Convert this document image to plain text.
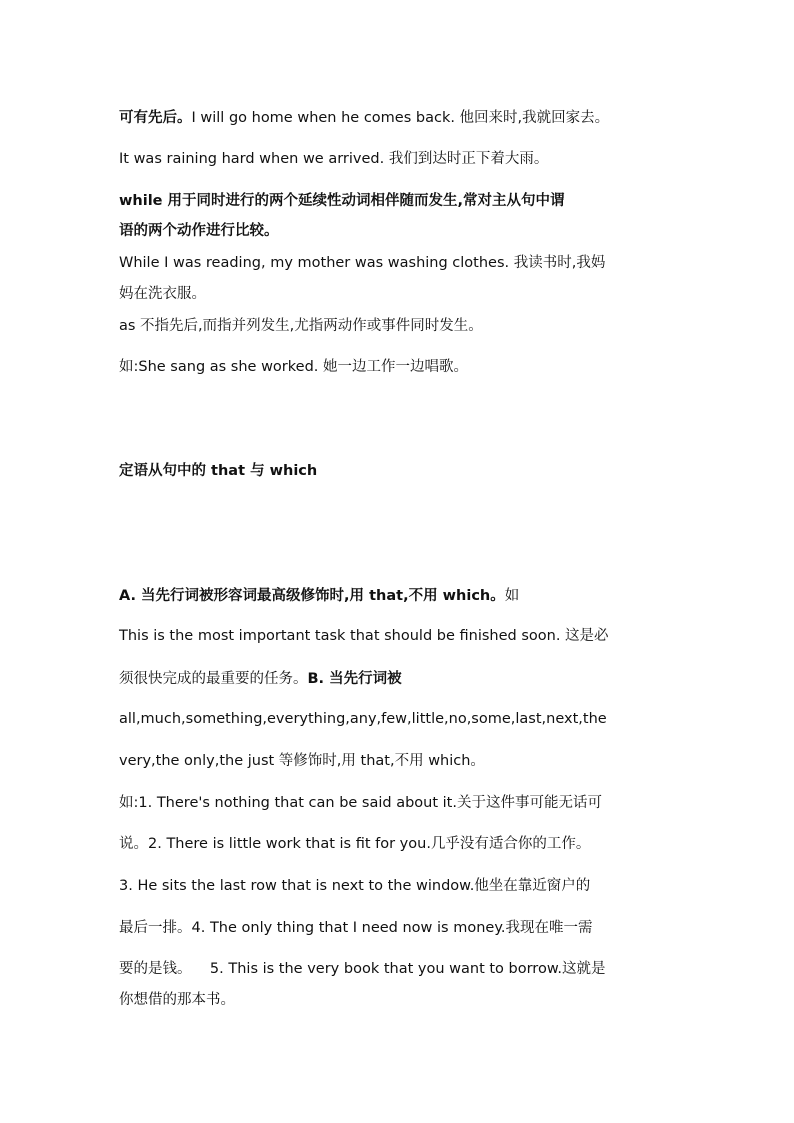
可有先后。I will go home when he comes back. 他回来时,我就回家去。
It was raining hard when we arrived. 我们到达时正下着大雨。
while 用于同时进行的两个延续性动词相伴随而发生,常对主从句中谓
语的两个动作进行比较。
While I was reading, my mother was washing clothes. 我读书时,我妈
妈在洗衣服。
as 不指先后,而指并列发生,尤指两动作或事件同时发生。
如:She sang as she worked. 她一边工作一边唱歌。
定语从句中的 that 与 which
A. 当先行词被形容词最高级修饰时,用 that,不用 which。如
This is the most important task that should be finished soon. 这是必
须很快完成的最重要的任务。B. 当先行词被
all,much,something,everything,any,few,little,no,some,last,next,the
very,the only,the just 等修饰时,用 that,不用 which。
如:1. There's nothing that can be said about it.关于这件事可能无话可
说。2. There is little work that is fit for you.几乎没有适合你的工作。
3. He sits the last row that is next to the window.他坐在靠近窗户的
最后一排。4. The only thing that I need now is money.我现在唯一需
要的是钱。    5. This is the very book that you want to borrow.这就是
你想借的那本书。
